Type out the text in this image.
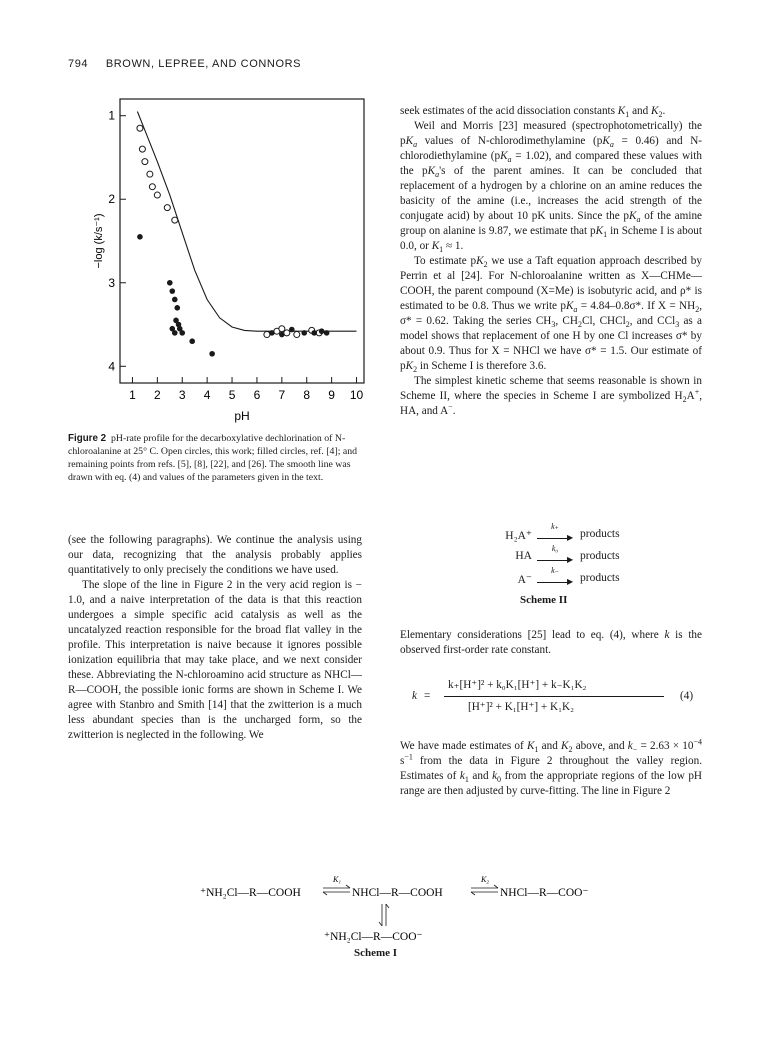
794 BROWN, LEPREE, AND CONNORS
1 2 3 4 5 6 7 8 9 10
1
2
3
4
pH
−log (k/s⁻¹)
Figure 2 pH-rate profile for the decarboxylative dechlorination of N-chloroalanine at 25° C. Open circles, this work; filled circles, ref. [4]; and remaining points from refs. [5], [8], [22], and [26]. The smooth line was drawn with eq. (4) and values of the parameters given in the text.

(see the following paragraphs). We continue the analysis using our data, recognizing that the analysis probably applies quantitatively to only precisely the conditions we have used.

The slope of the line in Figure 2 in the very acid region is − 1.0, and a naive interpretation of the data is that this reaction undergoes a simple specific acid catalysis as well as the uncatalyzed reaction responsible for the broad flat valley in the profile. This interpretation is naive because it ignores possible ionization equilibria that may take place, and we next consider these. Abbreviating the N-chloroamino acid structure as NHCl—R—COOH, the possible ionic forms are shown in Scheme I. We agree with Stanbro and Smith [14] that the zwitterion is a much less abundant species than is the uncharged form, so the zwitterion is neglected in the following. We

seek estimates of the acid dissociation constants $K_1$ and $K_2$.

Weil and Morris [23] measured (spectrophotometrically) the $pK_a$ values of N-chlorodimethylamine $(pK_a = 0.46)$ and N-chlorodiethylamine $(pK_a = 1.02)$, and compared these values with the $pK_a's$ of the parent amines. It can be concluded that replacement of a hydrogen by a chlorine on an amine reduces the basicity of the amine (i.e., increases the acid strength of the conjugate acid) by about 10 pK units. Since the $pK_a$ of the amine group on alanine is 9.87, we estimate that $pK_1$ in Scheme I is about 0.0, or $K_1 \approx 1$.

To estimate $pK_2$ we use a Taft equation approach described by Perrin et al [24]. For N-chloroalanine written as X—CHMe—COOH, the parent compound (X=Me) is isobutyric acid, and ρ* is estimated to be 0.8. Thus we write $pK_a = 4.84-0.8\sigma*$. If $X = NH_2$, σ* = 0.62. Taking the series $CH_3$, $CH_2Cl$, CHCl$_2$, and CCl$_3$ as a model shows that replacement of one H by one Cl increases σ* by about 0.9. Thus for X = NHCl we have σ* = 1.5. Our estimate of $pK_2$ in Scheme I is therefore 3.6.

The simplest kinetic scheme that seems reasonable is shown in Scheme II, where the species in Scheme I are symbolized $H_2A^+$, HA, and A−.

H₂A⁺
k₊
▶ products
HA
k₀
▶ products
A⁻
k₋
▶ products
Scheme II

Elementary considerations [25] lead to eq. (4), where k is the observed first-order rate constant.

k =
k₊[H⁺]² + k₀K₁[H⁺] + k₋K₁K₂
[H⁺]² + K₁[H⁺] + K₁K₂
(4)

We have made estimates of $K_1$ and $K_2$ above, and $k_- = 2.63 \times 10^{-4}$ $s^{-1}$ from the data in Figure 2 throughout the valley region. Estimates of $k_1$ and $k_0$ from the appropriate regions of the low pH range are then adjusted by curve-fitting. The line in Figure 2

⁺NH₂Cl—R—COOH
K₁
NHCl—R—COOH
K₂
NHCl—R—COO⁻
⁺NH₂Cl—R—COO⁻
Scheme I
